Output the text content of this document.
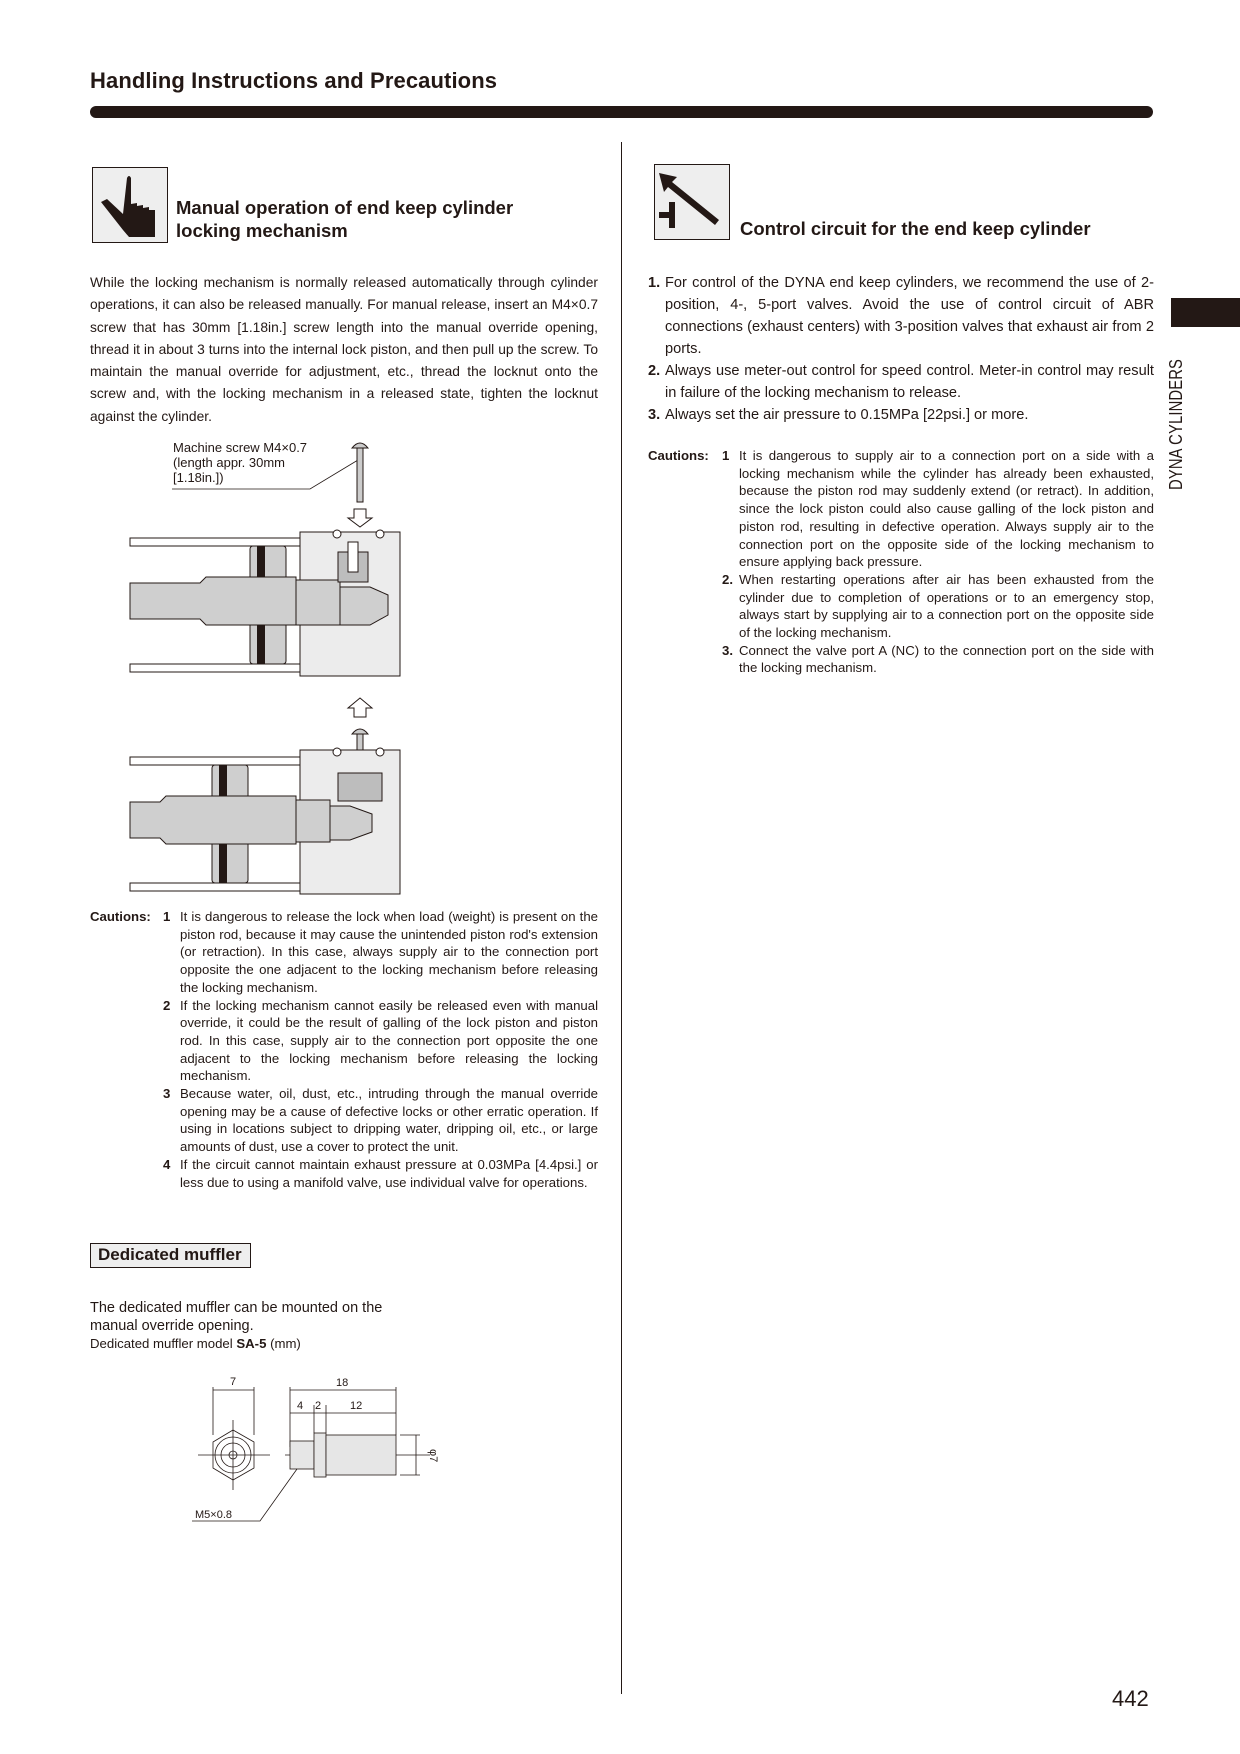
Handling Instructions and Precautions
DYNA CYLINDERS
Manual operation of end keep cylinder
locking mechanism
While the locking mechanism is normally released automatically through cylinder operations, it can also be released manually. For manual release, insert an M4×0.7 screw that has 30mm [1.18in.] screw length into the manual override opening, thread it in about 3 turns into the internal lock piston, and then pull up the screw. To maintain the manual override for adjustment, etc., thread the locknut onto the screw and, with the locking mechanism in a released state, tighten the locknut against the cylinder.
Machine screw M4×0.7
(length appr. 30mm
[1.18in.])
Cautions: 1 It is dangerous to release the lock when load (weight) is present on the piston rod, because it may cause the unintended piston rod's extension (or retraction). In this case, always supply air to the connection port opposite the one adjacent to the locking mechanism before releasing the locking mechanism.
2 If the locking mechanism cannot easily be released even with manual override, it could be the result of galling of the lock piston and piston rod. In this case, supply air to the connection port opposite the one adjacent to the locking mechanism before releasing the locking mechanism.
3 Because water, oil, dust, etc., intruding through the manual override opening may be a cause of defective locks or other erratic operation. If using in locations subject to dripping water, dripping oil, etc., or large amounts of dust, use a cover to protect the unit.
4 If the circuit cannot maintain exhaust pressure at 0.03MPa [4.4psi.] or less due to using a manifold valve, use individual valve for operations.
Dedicated muffler
The dedicated muffler can be mounted on the
manual override opening.
Dedicated muffler model SA-5 (mm)
7	18
4 2	12
φ7
M5×0.8
Control circuit for the end keep cylinder
1. For control of the DYNA end keep cylinders, we recommend the use of 2-position, 4-, 5-port valves. Avoid the use of control circuit of ABR connections (exhaust centers) with 3-position valves that exhaust air from 2 ports.
2. Always use meter-out control for speed control. Meter-in control may result in failure of the locking mechanism to release.
3. Always set the air pressure to 0.15MPa [22psi.] or more.
Cautions: 1 It is dangerous to supply air to a connection port on a side with a locking mechanism while the cylinder has already been exhausted, because the piston rod may suddenly extend (or retract). In addition, since the lock piston could also cause galling of the lock piston and piston rod, resulting in defective operation. Always supply air to the connection port on the opposite side of the locking mechanism to ensure applying back pressure.
2. When restarting operations after air has been exhausted from the cylinder due to completion of operations or to an emergency stop, always start by supplying air to a connection port on the opposite side of the locking mechanism.
3. Connect the valve port A (NC) to the connection port on the side with the locking mechanism.
442
